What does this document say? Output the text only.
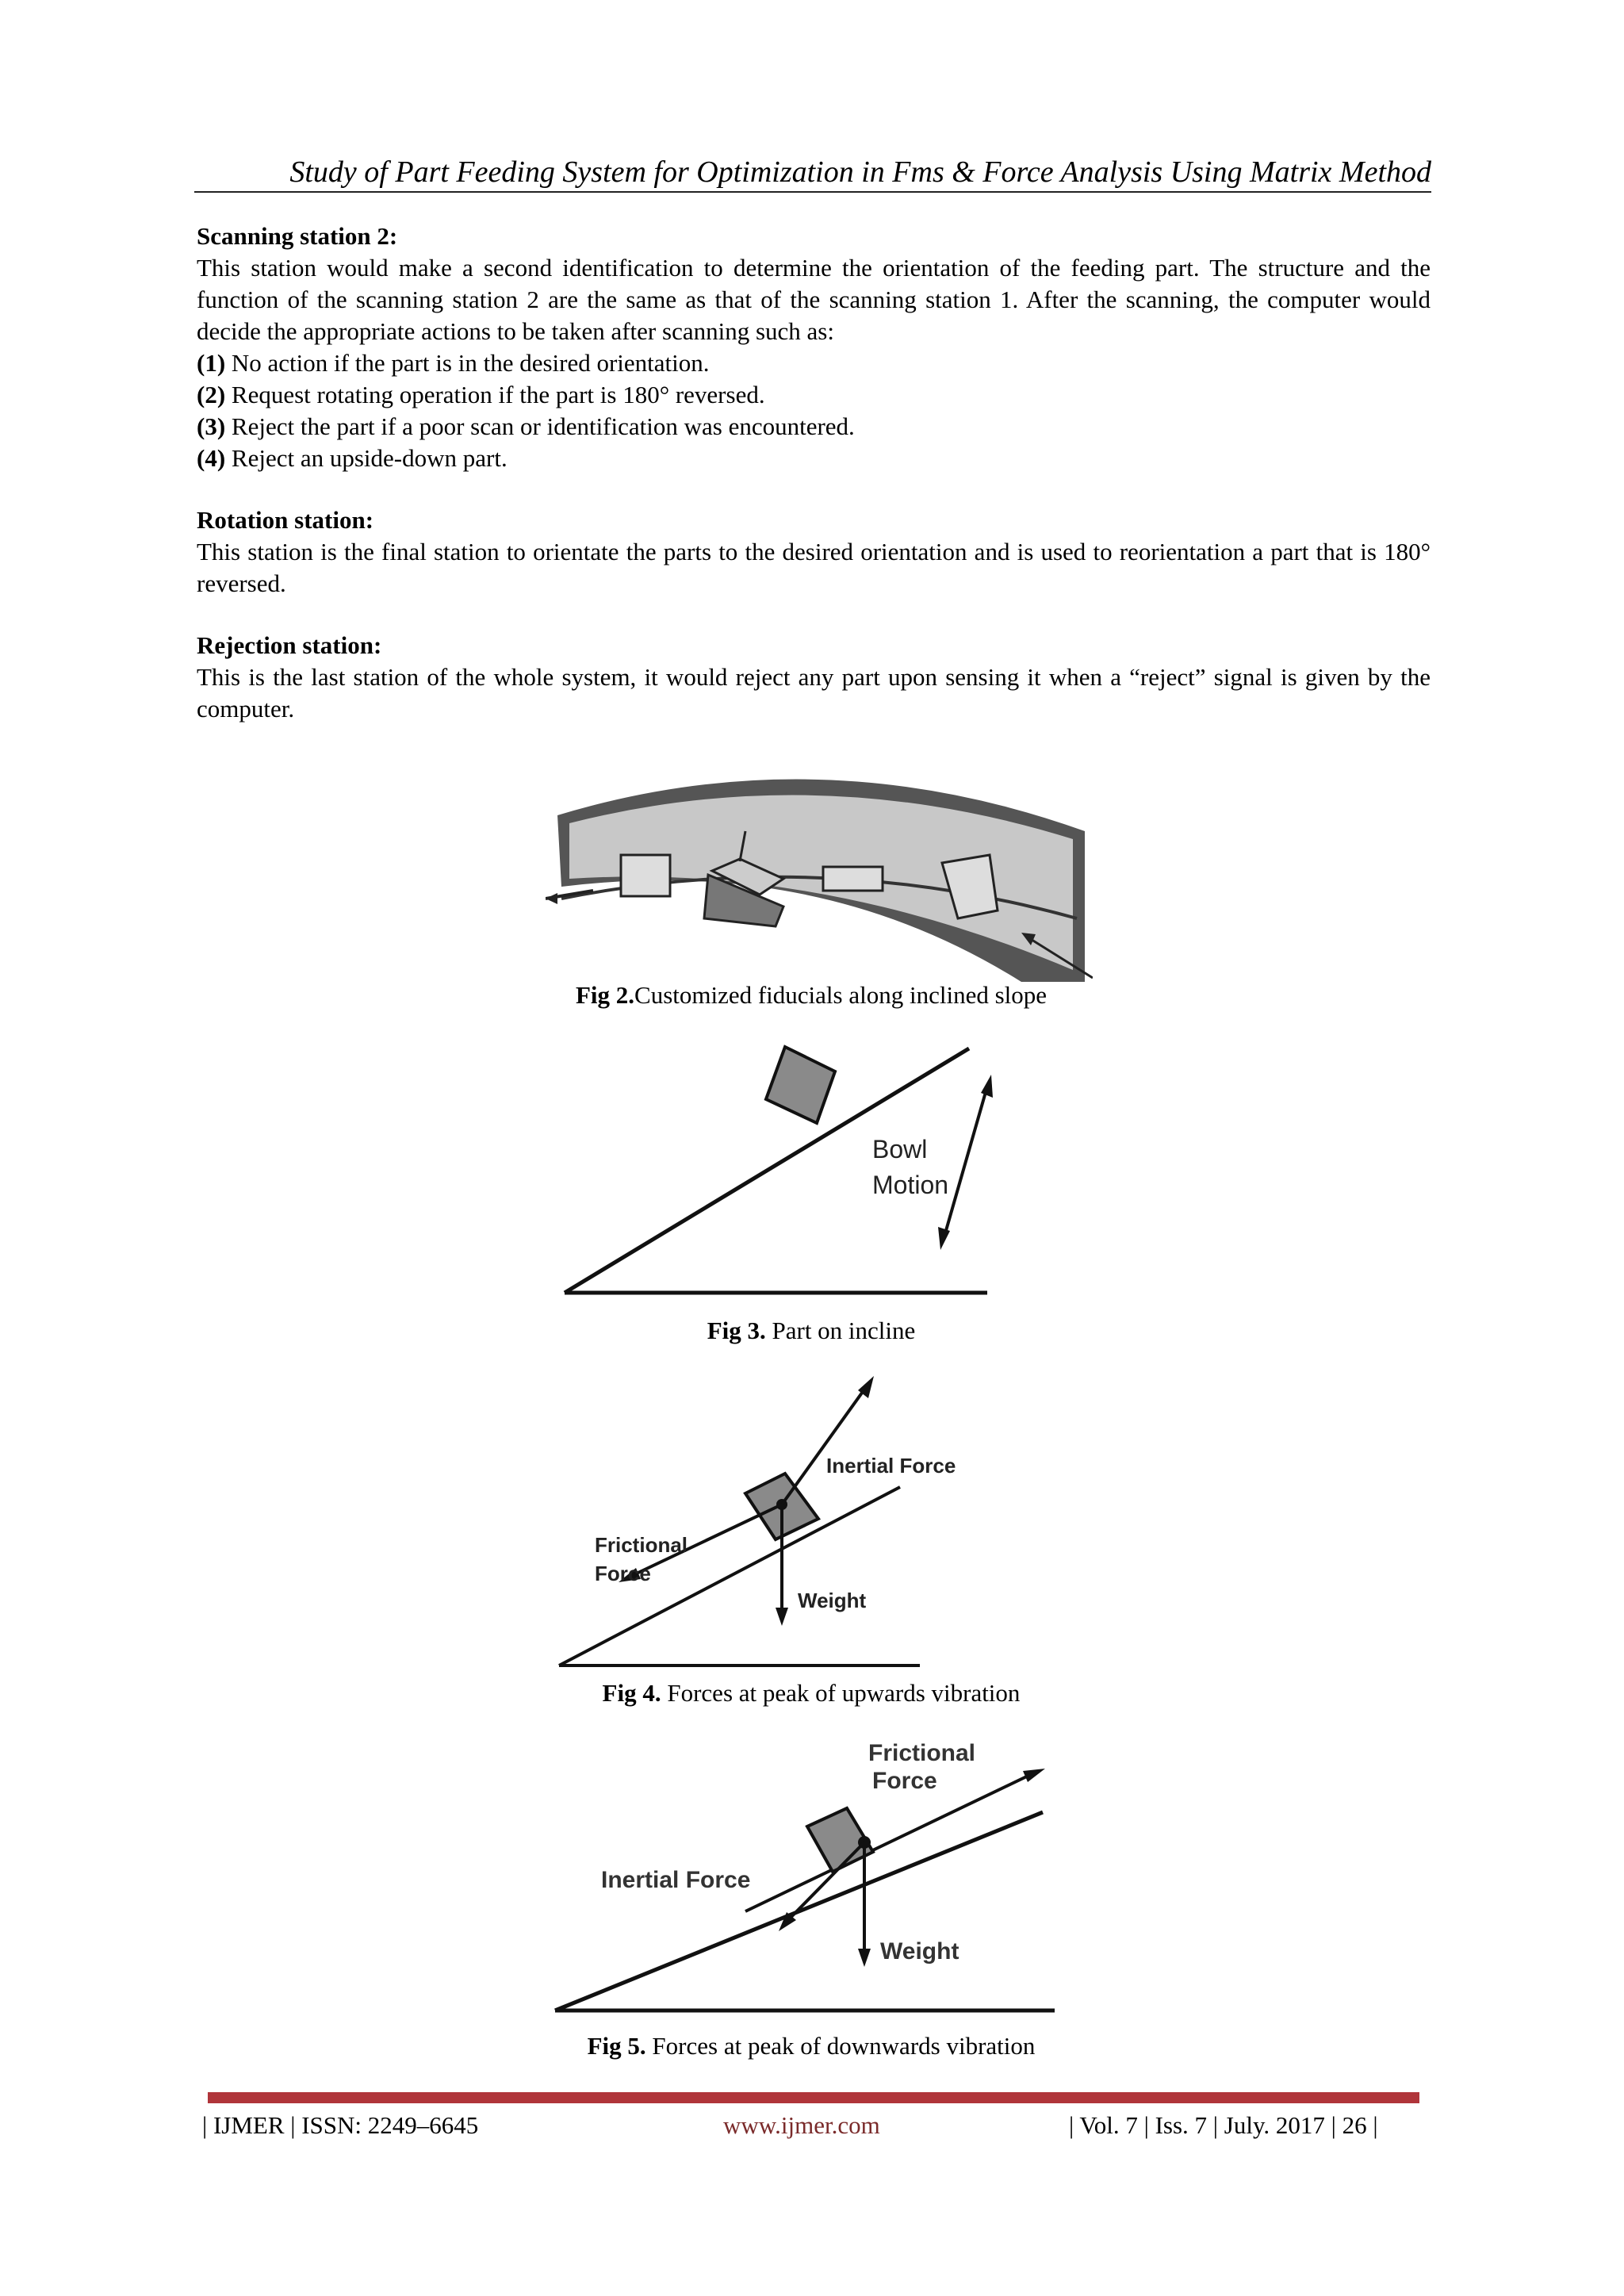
Study of Part Feeding System for Optimization in Fms & Force Analysis Using Matrix Method
Scanning station 2:

This station would make a second identification to determine the orientation of the feeding part. The structure and the function of the scanning station 2 are the same as that of the scanning station 1. After the scanning, the computer would decide the appropriate actions to be taken after scanning such as:

(1) No action if the part is in the desired orientation.
(2) Request rotating operation if the part is 180° reversed.
(3) Reject the part if a poor scan or identification was encountered.
(4) Reject an upside-down part.
Rotation station:

This station is the final station to orientate the parts to the desired orientation and is used to reorientation a part that is 180° reversed.

Rejection station:

This is the last station of the whole system, it would reject any part upon sensing it when a “reject” signal is given by the computer.

Fig 2.Customized fiducials along inclined slope
Bowl
Motion
Fig 3. Part on incline
Inertial Force
Frictional
Force
Weight
Fig 4. Forces at peak of upwards vibration
Frictional
Force
Inertial Force
Weight
Fig 5. Forces at peak of downwards vibration
| IJMER | ISSN: 2249–6645	www.ijmer.com	| Vol. 7 | Iss. 7 | July. 2017 | 26 |
